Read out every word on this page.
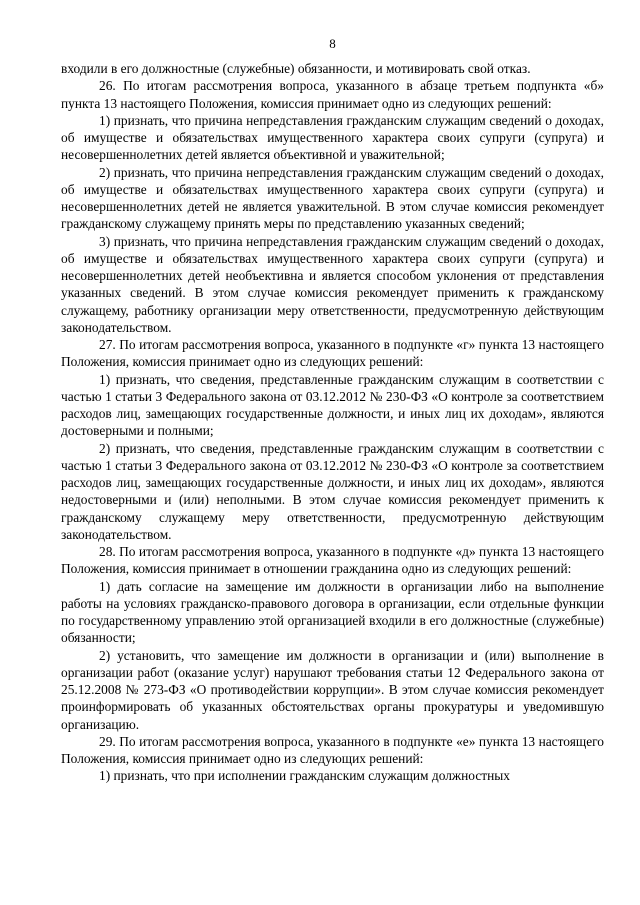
8

входили в его должностные (служебные) обязанности, и мотивировать свой отказ.

26. По итогам рассмотрения вопроса, указанного в абзаце третьем подпункта «б» пункта 13 настоящего Положения, комиссия принимает одно из следующих решений:

1) признать, что причина непредставления гражданским служащим сведений о доходах, об имуществе и обязательствах имущественного характера своих супруги (супруга) и несовершеннолетних детей является объективной и уважительной;

2) признать, что причина непредставления гражданским служащим сведений о доходах, об имуществе и обязательствах имущественного характера своих супруги (супруга) и несовершеннолетних детей не является уважительной. В этом случае комиссия рекомендует гражданскому служащему принять меры по представлению указанных сведений;

3) признать, что причина непредставления гражданским служащим сведений о доходах, об имуществе и обязательствах имущественного характера своих супруги (супруга) и несовершеннолетних детей необъективна и является способом уклонения от представления указанных сведений. В этом случае комиссия рекомендует применить к гражданскому служащему, работнику организации меру ответственности, предусмотренную действующим законодательством.

27. По итогам рассмотрения вопроса, указанного в подпункте «г» пункта 13 настоящего Положения, комиссия принимает одно из следующих решений:

1) признать, что сведения, представленные гражданским служащим в соответствии с частью 1 статьи 3 Федерального закона от 03.12.2012 № 230-ФЗ «О контроле за соответствием расходов лиц, замещающих государственные должности, и иных лиц их доходам», являются достоверными и полными;

2) признать, что сведения, представленные гражданским служащим в соответствии с частью 1 статьи 3 Федерального закона от 03.12.2012 № 230-ФЗ «О контроле за соответствием расходов лиц, замещающих государственные должности, и иных лиц их доходам», являются недостоверными и (или) неполными. В этом случае комиссия рекомендует применить к гражданскому служащему меру ответственности, предусмотренную действующим законодательством.

28. По итогам рассмотрения вопроса, указанного в подпункте «д» пункта 13 настоящего Положения, комиссия принимает в отношении гражданина одно из следующих решений:

1) дать согласие на замещение им должности в организации либо на выполнение работы на условиях гражданско-правового договора в организации, если отдельные функции по государственному управлению этой организацией входили в его должностные (служебные) обязанности;

2) установить, что замещение им должности в организации и (или) выполнение в организации работ (оказание услуг) нарушают требования статьи 12 Федерального закона от 25.12.2008 № 273-ФЗ «О противодействии коррупции». В этом случае комиссия рекомендует проинформировать об указанных обстоятельствах органы прокуратуры и уведомившую организацию.

29. По итогам рассмотрения вопроса, указанного в подпункте «е» пункта 13 настоящего Положения, комиссия принимает одно из следующих решений:

1) признать, что при исполнении гражданским служащим должностных
